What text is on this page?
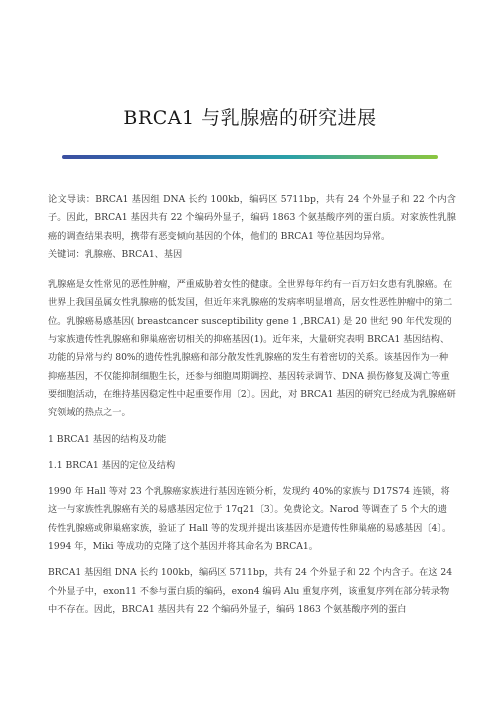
BRCA1 与乳腺癌的研究进展

论文导读：BRCA1 基因组 DNA 长约 100kb，编码区 5711bp，共有 24 个外显子和 22 个内含子。因此，BRCA1 基因共有 22 个编码外显子，编码 1863 个氨基酸序列的蛋白质。对家族性乳腺癌的调查结果表明，携带有恶变倾向基因的个体，他们的 BRCA1 等位基因均异常。

关键词：乳腺癌、BRCA1、基因

乳腺癌是女性常见的恶性肿瘤，严重威胁着女性的健康。全世界每年约有一百万妇女患有乳腺癌。在世界上我国虽属女性乳腺癌的低发国，但近年来乳腺癌的发病率明显增高，居女性恶性肿瘤中的第二位。乳腺癌易感基因( breastcancer susceptibility gene 1 ,BRCA1) 是 20 世纪 90 年代发现的与家族遗传性乳腺癌和卵巢癌密切相关的抑癌基因(1)。近年来，大量研究表明 BRCA1 基因结构、功能的异常与约 80%的遗传性乳腺癌和部分散发性乳腺癌的发生有着密切的关系。该基因作为一种抑癌基因，不仅能抑制细胞生长，还参与细胞周期调控、基因转录调节、DNA 损伤修复及凋亡等重要细胞活动，在维持基因稳定性中起重要作用〔2〕。因此，对 BRCA1 基因的研究已经成为乳腺癌研究领域的热点之一。

1 BRCA1 基因的结构及功能

1.1 BRCA1 基因的定位及结构

1990 年 Hall 等对 23 个乳腺癌家族进行基因连锁分析，发现约 40%的家族与 D17S74 连锁，将这一与家族性乳腺癌有关的易感基因定位于 17q21〔3〕。免费论文。Narod 等调查了 5 个大的遗传性乳腺癌或卵巢癌家族，验证了 Hall 等的发现并提出该基因亦是遗传性卵巢癌的易感基因〔4〕。1994 年，Miki 等成功的克隆了这个基因并将其命名为 BRCA1。

BRCA1 基因组 DNA 长约 100kb，编码区 5711bp，共有 24 个外显子和 22 个内含子。在这 24 个外显子中，exon11 不参与蛋白质的编码，exon4 编码 Alu 重复序列，该重复序列在部分转录物中不存在。因此，BRCA1 基因共有 22 个编码外显子，编码 1863 个氨基酸序列的蛋白
